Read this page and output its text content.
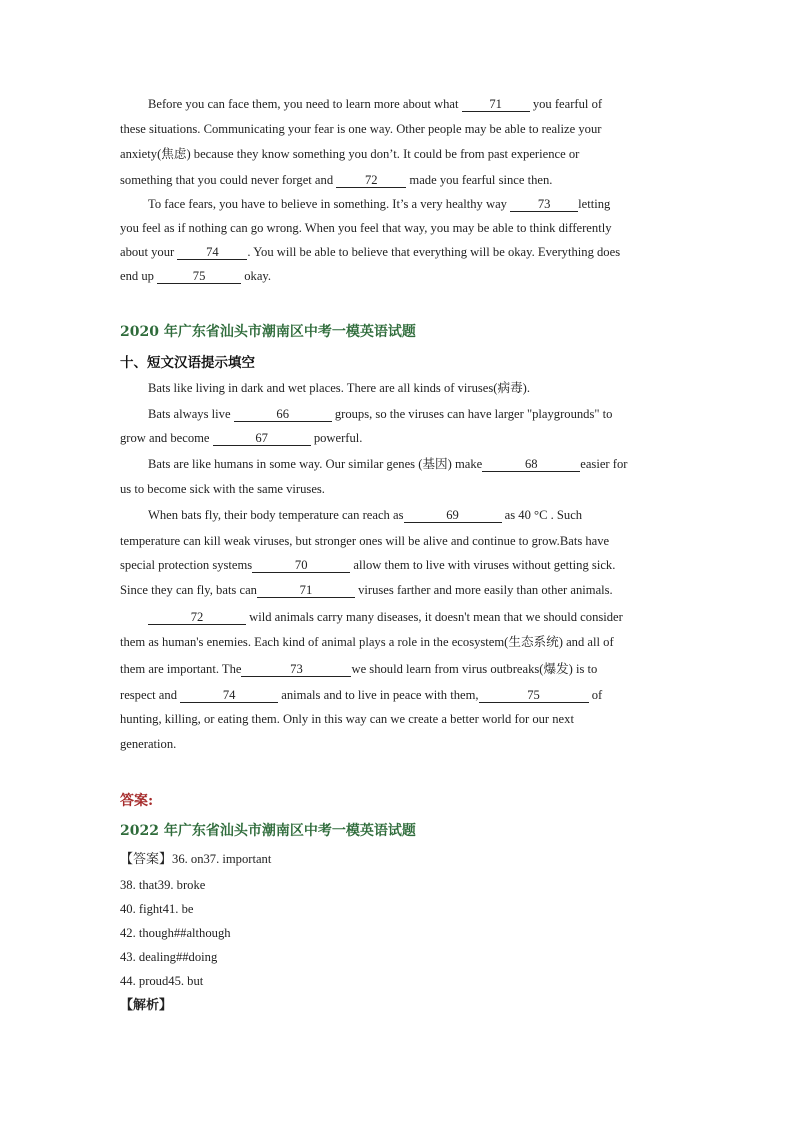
Before you can face them, you need to learn more about what 71 you fearful of
these situations. Communicating your fear is one way. Other people may be able to realize your
anxiety(焦虑) because they know something you don’t. It could be from past experience or
something that you could never forget and 72 made you fearful since then.
To face fears, you have to believe in something. It’s a very healthy way 73 letting
you feel as if nothing can go wrong. When you feel that way, you may be able to think differently
about your 74 . You will be able to believe that everything will be okay. Everything does
end up	75	okay.
2020 年广东省汕头市潮南区中考一模英语试题
十、短文汉语提示填空
Bats like living in dark and wet places. There are all kinds of viruses(病毒).
Bats always live	66	groups, so the viruses can have larger "playgrounds" to
grow and become	67	powerful.
Bats are like humans in some way. Our similar genes (基因) make	68	easier for
us to become sick with the same viruses.
When bats fly, their body temperature can reach as	69	as 40 °C . Such
temperature can kill weak viruses, but stronger ones will be alive and continue to grow.Bats have
special protection systems	70	allow them to live with viruses without getting sick.
Since they can fly, bats can	71	viruses farther and more easily than other animals.
72	wild animals carry many diseases, it doesn't mean that we should consider
them as human's enemies. Each kind of animal plays a role in the ecosystem(生态系统) and all of
them are important. The	73	we should learn from virus outbreaks(爆发) is to
respect and	74	animals and to live in peace with them,	75	of
hunting, killing, or eating them. Only in this way can we create a better world for our next
generation.
答案:
2022 年广东省汕头市潮南区中考一模英语试题
【答案】36. on37. important
38. that39. broke
40. fight41. be
42. though##although
43. dealing##doing
44. proud45. but
【解析】
